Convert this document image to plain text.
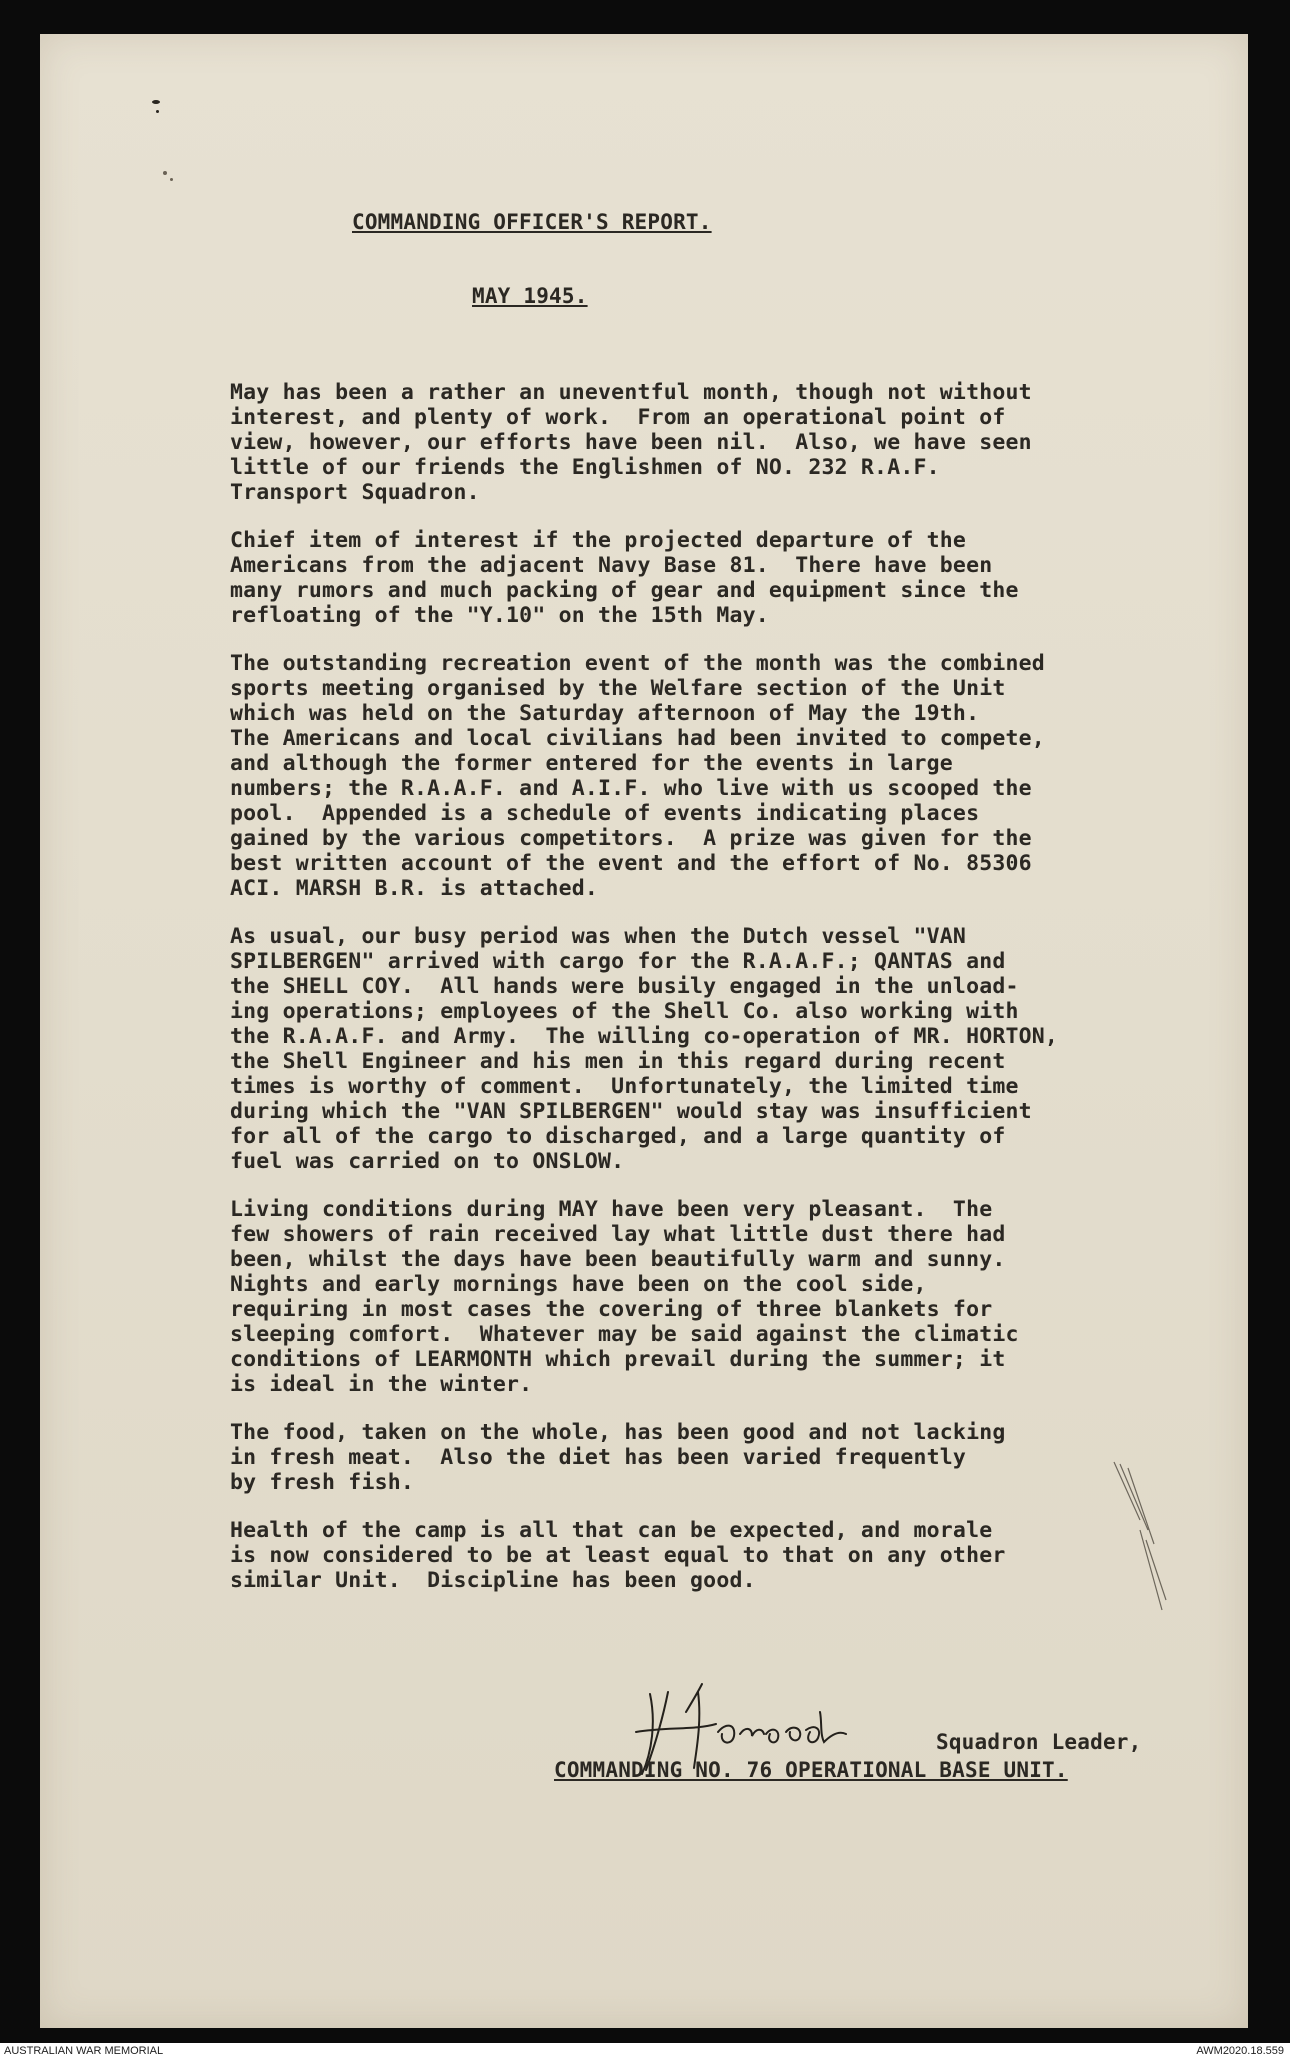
COMMANDING OFFICER'S REPORT.
MAY 1945.

May has been a rather an uneventful month, though not without
interest, and plenty of work.  From an operational point of
view, however, our efforts have been nil.  Also, we have seen
little of our friends the Englishmen of NO. 232 R.A.F.
Transport Squadron.

Chief item of interest if the projected departure of the
Americans from the adjacent Navy Base 81.  There have been
many rumors and much packing of gear and equipment since the
refloating of the "Y.10" on the 15th May.

The outstanding recreation event of the month was the combined
sports meeting organised by the Welfare section of the Unit
which was held on the Saturday afternoon of May the 19th.
The Americans and local civilians had been invited to compete,
and although the former entered for the events in large
numbers; the R.A.A.F. and A.I.F. who live with us scooped the
pool.  Appended is a schedule of events indicating places
gained by the various competitors.  A prize was given for the
best written account of the event and the effort of No. 85306
ACI. MARSH B.R. is attached.

As usual, our busy period was when the Dutch vessel "VAN
SPILBERGEN" arrived with cargo for the R.A.A.F.; QANTAS and
the SHELL COY.  All hands were busily engaged in the unload-
ing operations; employees of the Shell Co. also working with
the R.A.A.F. and Army.  The willing co-operation of MR. HORTON,
the Shell Engineer and his men in this regard during recent
times is worthy of comment.  Unfortunately, the limited time
during which the "VAN SPILBERGEN" would stay was insufficient
for all of the cargo to discharged, and a large quantity of
fuel was carried on to ONSLOW.

Living conditions during MAY have been very pleasant.  The
few showers of rain received lay what little dust there had
been, whilst the days have been beautifully warm and sunny.
Nights and early mornings have been on the cool side,
requiring in most cases the covering of three blankets for
sleeping comfort.  Whatever may be said against the climatic
conditions of LEARMONTH which prevail during the summer; it
is ideal in the winter.

The food, taken on the whole, has been good and not lacking
in fresh meat.  Also the diet has been varied frequently
by fresh fish.

Health of the camp is all that can be expected, and morale
is now considered to be at least equal to that on any other
similar Unit.  Discipline has been good.

Squadron Leader,
COMMANDING NO. 76 OPERATIONAL BASE UNIT.
AUSTRALIAN WAR MEMORIAL	AWM2020.18.559
